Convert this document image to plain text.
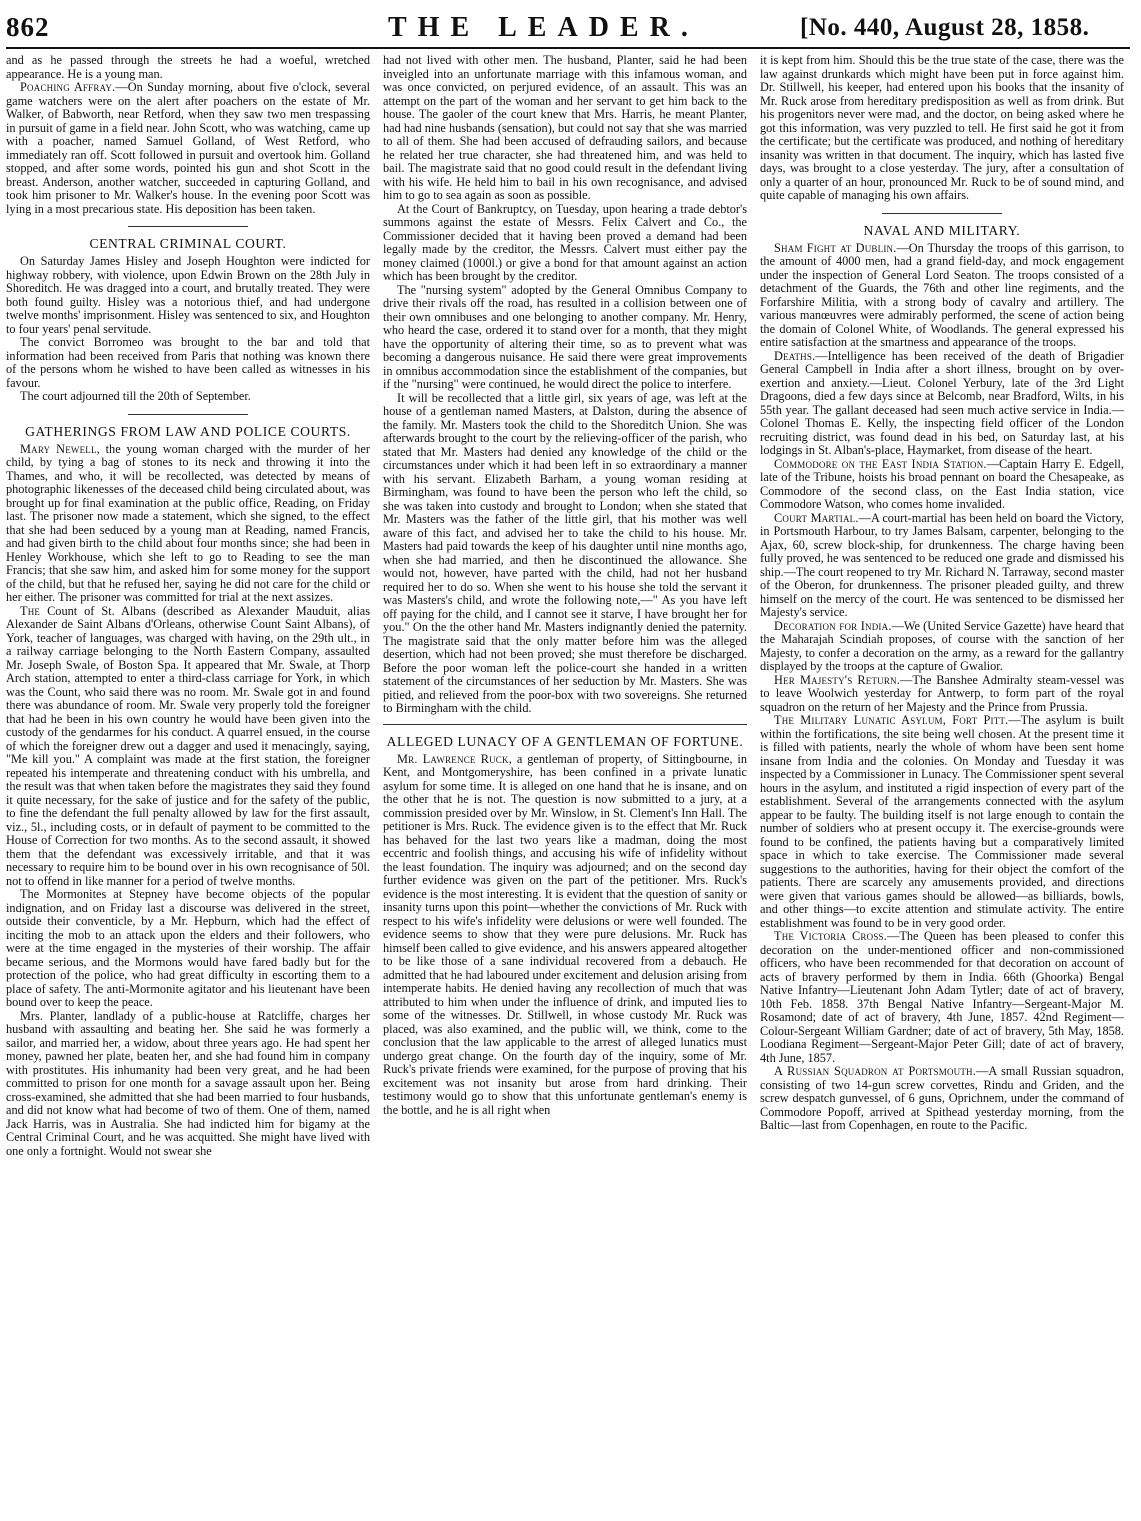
862	THE LEADER.	[No. 440, August 28, 1858.

and as he passed through the streets he had a woeful, wretched appearance. He is a young man.

Poaching Affray.—On Sunday morning, about five o'clock, several game watchers were on the alert after poachers on the estate of Mr. Walker, of Babworth, near Retford, when they saw two men trespassing in pursuit of game in a field near. John Scott, who was watching, came up with a poacher, named Samuel Golland, of West Retford, who immediately ran off. Scott followed in pursuit and overtook him. Golland stopped, and after some words, pointed his gun and shot Scott in the breast. Anderson, another watcher, succeeded in capturing Golland, and took him prisoner to Mr. Walker's house. In the evening poor Scott was lying in a most precarious state. His deposition has been taken.

CENTRAL CRIMINAL COURT.

On Saturday James Hisley and Joseph Houghton were indicted for highway robbery, with violence, upon Edwin Brown on the 28th July in Shoreditch. He was dragged into a court, and brutally treated. They were both found guilty. Hisley was a notorious thief, and had undergone twelve months' imprisonment. Hisley was sentenced to six, and Houghton to four years' penal servitude.

The convict Borromeo was brought to the bar and told that information had been received from Paris that nothing was known there of the persons whom he wished to have been called as witnesses in his favour.

The court adjourned till the 20th of September.

GATHERINGS FROM LAW AND POLICE COURTS.

Mary Newell, the young woman charged with the murder of her child, by tying a bag of stones to its neck and throwing it into the Thames, and who, it will be recollected, was detected by means of photographic likenesses of the deceased child being circulated about, was brought up for final examination at the public office, Reading, on Friday last. The prisoner now made a statement, which she signed, to the effect that she had been seduced by a young man at Reading, named Francis, and had given birth to the child about four months since; she had been in Henley Workhouse, which she left to go to Reading to see the man Francis; that she saw him, and asked him for some money for the support of the child, but that he refused her, saying he did not care for the child or her either. The prisoner was committed for trial at the next assizes.

The Count of St. Albans (described as Alexander Mauduit, alias Alexander de Saint Albans d'Orleans, otherwise Count Saint Albans), of York, teacher of languages, was charged with having, on the 29th ult., in a railway carriage belonging to the North Eastern Company, assaulted Mr. Joseph Swale, of Boston Spa. It appeared that Mr. Swale, at Thorp Arch station, attempted to enter a third-class carriage for York, in which was the Count, who said there was no room. Mr. Swale got in and found there was abundance of room. Mr. Swale very properly told the foreigner that had he been in his own country he would have been given into the custody of the gendarmes for his conduct. A quarrel ensued, in the course of which the foreigner drew out a dagger and used it menacingly, saying, "Me kill you." A complaint was made at the first station, the foreigner repeated his intemperate and threatening conduct with his umbrella, and the result was that when taken before the magistrates they said they found it quite necessary, for the sake of justice and for the safety of the public, to fine the defendant the full penalty allowed by law for the first assault, viz., 5l., including costs, or in default of payment to be committed to the House of Correction for two months. As to the second assault, it showed them that the defendant was excessively irritable, and that it was necessary to require him to be bound over in his own recognisance of 50l. not to offend in like manner for a period of twelve months.

The Mormonites at Stepney have become objects of the popular indignation, and on Friday last a discourse was delivered in the street, outside their conventicle, by a Mr. Hepburn, which had the effect of inciting the mob to an attack upon the elders and their followers, who were at the time engaged in the mysteries of their worship. The affair became serious, and the Mormons would have fared badly but for the protection of the police, who had great difficulty in escorting them to a place of safety. The anti-Mormonite agitator and his lieutenant have been bound over to keep the peace.

Mrs. Planter, landlady of a public-house at Ratcliffe, charges her husband with assaulting and beating her. She said he was formerly a sailor, and married her, a widow, about three years ago. He had spent her money, pawned her plate, beaten her, and she had found him in company with prostitutes. His inhumanity had been very great, and he had been committed to prison for one month for a savage assault upon her. Being cross-examined, she admitted that she had been married to four husbands, and did not know what had become of two of them. One of them, named Jack Harris, was in Australia. She had indicted him for bigamy at the Central Criminal Court, and he was acquitted. She might have lived with one only a fortnight. Would not swear she

had not lived with other men. The husband, Planter, said he had been inveigled into an unfortunate marriage with this infamous woman, and was once convicted, on perjured evidence, of an assault. This was an attempt on the part of the woman and her servant to get him back to the house. The gaoler of the court knew that Mrs. Harris, he meant Planter, had had nine husbands (sensation), but could not say that she was married to all of them. She had been accused of defrauding sailors, and because he related her true character, she had threatened him, and was held to bail. The magistrate said that no good could result in the defendant living with his wife. He held him to bail in his own recognisance, and advised him to go to sea again as soon as possible.

At the Court of Bankruptcy, on Tuesday, upon hearing a trade debtor's summons against the estate of Messrs. Felix Calvert and Co., the Commissioner decided that it having been proved a demand had been legally made by the creditor, the Messrs. Calvert must either pay the money claimed (1000l.) or give a bond for that amount against an action which has been brought by the creditor.

The "nursing system" adopted by the General Omnibus Company to drive their rivals off the road, has resulted in a collision between one of their own omnibuses and one belonging to another company. Mr. Henry, who heard the case, ordered it to stand over for a month, that they might have the opportunity of altering their time, so as to prevent what was becoming a dangerous nuisance. He said there were great improvements in omnibus accommodation since the establishment of the companies, but if the "nursing" were continued, he would direct the police to interfere.

It will be recollected that a little girl, six years of age, was left at the house of a gentleman named Masters, at Dalston, during the absence of the family. Mr. Masters took the child to the Shoreditch Union. She was afterwards brought to the court by the relieving-officer of the parish, who stated that Mr. Masters had denied any knowledge of the child or the circumstances under which it had been left in so extraordinary a manner with his servant. Elizabeth Barham, a young woman residing at Birmingham, was found to have been the person who left the child, so she was taken into custody and brought to London; when she stated that Mr. Masters was the father of the little girl, that his mother was well aware of this fact, and advised her to take the child to his house. Mr. Masters had paid towards the keep of his daughter until nine months ago, when she had married, and then he discontinued the allowance. She would not, however, have parted with the child, had not her husband required her to do so. When she went to his house she told the servant it was Masters's child, and wrote the following note,—" As you have left off paying for the child, and I cannot see it starve, I have brought her for you." On the the other hand Mr. Masters indignantly denied the paternity. The magistrate said that the only matter before him was the alleged desertion, which had not been proved; she must therefore be discharged. Before the poor woman left the police-court she handed in a written statement of the circumstances of her seduction by Mr. Masters. She was pitied, and relieved from the poor-box with two sovereigns. She returned to Birmingham with the child.

ALLEGED LUNACY OF A GENTLEMAN OF FORTUNE.

Mr. Lawrence Ruck, a gentleman of property, of Sittingbourne, in Kent, and Montgomeryshire, has been confined in a private lunatic asylum for some time. It is alleged on one hand that he is insane, and on the other that he is not. The question is now submitted to a jury, at a commission presided over by Mr. Winslow, in St. Clement's Inn Hall. The petitioner is Mrs. Ruck. The evidence given is to the effect that Mr. Ruck has behaved for the last two years like a madman, doing the most eccentric and foolish things, and accusing his wife of infidelity without the least foundation. The inquiry was adjourned; and on the second day further evidence was given on the part of the petitioner. Mrs. Ruck's evidence is the most interesting. It is evident that the question of sanity or insanity turns upon this point—whether the convictions of Mr. Ruck with respect to his wife's infidelity were delusions or were well founded. The evidence seems to show that they were pure delusions. Mr. Ruck has himself been called to give evidence, and his answers appeared altogether to be like those of a sane individual recovered from a debauch. He admitted that he had laboured under excitement and delusion arising from intemperate habits. He denied having any recollection of much that was attributed to him when under the influence of drink, and imputed lies to some of the witnesses. Dr. Stillwell, in whose custody Mr. Ruck was placed, was also examined, and the public will, we think, come to the conclusion that the law applicable to the arrest of alleged lunatics must undergo great change. On the fourth day of the inquiry, some of Mr. Ruck's private friends were examined, for the purpose of proving that his excitement was not insanity but arose from hard drinking. Their testimony would go to show that this unfortunate gentleman's enemy is the bottle, and he is all right when

it is kept from him. Should this be the true state of the case, there was the law against drunkards which might have been put in force against him. Dr. Stillwell, his keeper, had entered upon his books that the insanity of Mr. Ruck arose from hereditary predisposition as well as from drink. But his progenitors never were mad, and the doctor, on being asked where he got this information, was very puzzled to tell. He first said he got it from the certificate; but the certificate was produced, and nothing of hereditary insanity was written in that document. The inquiry, which has lasted five days, was brought to a close yesterday. The jury, after a consultation of only a quarter of an hour, pronounced Mr. Ruck to be of sound mind, and quite capable of managing his own affairs.

NAVAL AND MILITARY.

Sham Fight at Dublin.—On Thursday the troops of this garrison, to the amount of 4000 men, had a grand field-day, and mock engagement under the inspection of General Lord Seaton. The troops consisted of a detachment of the Guards, the 76th and other line regiments, and the Forfarshire Militia, with a strong body of cavalry and artillery. The various manœuvres were admirably performed, the scene of action being the domain of Colonel White, of Woodlands. The general expressed his entire satisfaction at the smartness and appearance of the troops.

Deaths.—Intelligence has been received of the death of Brigadier General Campbell in India after a short illness, brought on by over-exertion and anxiety.—Lieut. Colonel Yerbury, late of the 3rd Light Dragoons, died a few days since at Belcomb, near Bradford, Wilts, in his 55th year. The gallant deceased had seen much active service in India.—Colonel Thomas E. Kelly, the inspecting field officer of the London recruiting district, was found dead in his bed, on Saturday last, at his lodgings in St. Alban's-place, Haymarket, from disease of the heart.

Commodore on the East India Station.—Captain Harry E. Edgell, late of the Tribune, hoists his broad pennant on board the Chesapeake, as Commodore of the second class, on the East India station, vice Commodore Watson, who comes home invalided.

Court Martial.—A court-martial has been held on board the Victory, in Portsmouth Harbour, to try James Balsam, carpenter, belonging to the Ajax, 60, screw block-ship, for drunkenness. The charge having been fully proved, he was sentenced to be reduced one grade and dismissed his ship.—The court reopened to try Mr. Richard N. Tarraway, second master of the Oberon, for drunkenness. The prisoner pleaded guilty, and threw himself on the mercy of the court. He was sentenced to be dismissed her Majesty's service.

Decoration for India.—We (United Service Gazette) have heard that the Maharajah Scindiah proposes, of course with the sanction of her Majesty, to confer a decoration on the army, as a reward for the gallantry displayed by the troops at the capture of Gwalior.

Her Majesty's Return.—The Banshee Admiralty steam-vessel was to leave Woolwich yesterday for Antwerp, to form part of the royal squadron on the return of her Majesty and the Prince from Prussia.

The Military Lunatic Asylum, Fort Pitt.—The asylum is built within the fortifications, the site being well chosen. At the present time it is filled with patients, nearly the whole of whom have been sent home insane from India and the colonies. On Monday and Tuesday it was inspected by a Commissioner in Lunacy. The Commissioner spent several hours in the asylum, and instituted a rigid inspection of every part of the establishment. Several of the arrangements connected with the asylum appear to be faulty. The building itself is not large enough to contain the number of soldiers who at present occupy it. The exercise-grounds were found to be confined, the patients having but a comparatively limited space in which to take exercise. The Commissioner made several suggestions to the authorities, having for their object the comfort of the patients. There are scarcely any amusements provided, and directions were given that various games should be allowed—as billiards, bowls, and other things—to excite attention and stimulate activity. The entire establishment was found to be in very good order.

The Victoria Cross.—The Queen has been pleased to confer this decoration on the under-mentioned officer and non-commissioned officers, who have been recommended for that decoration on account of acts of bravery performed by them in India. 66th (Ghoorka) Bengal Native Infantry—Lieutenant John Adam Tytler; date of act of bravery, 10th Feb. 1858. 37th Bengal Native Infantry—Sergeant-Major M. Rosamond; date of act of bravery, 4th June, 1857. 42nd Regiment—Colour-Sergeant William Gardner; date of act of bravery, 5th May, 1858. Loodiana Regiment—Sergeant-Major Peter Gill; date of act of bravery, 4th June, 1857.

A Russian Squadron at Portsmouth.—A small Russian squadron, consisting of two 14-gun screw corvettes, Rindu and Griden, and the screw despatch gunvessel, of 6 guns, Oprichnem, under the command of Commodore Popoff, arrived at Spithead yesterday morning, from the Baltic—last from Copenhagen, en route to the Pacific.
